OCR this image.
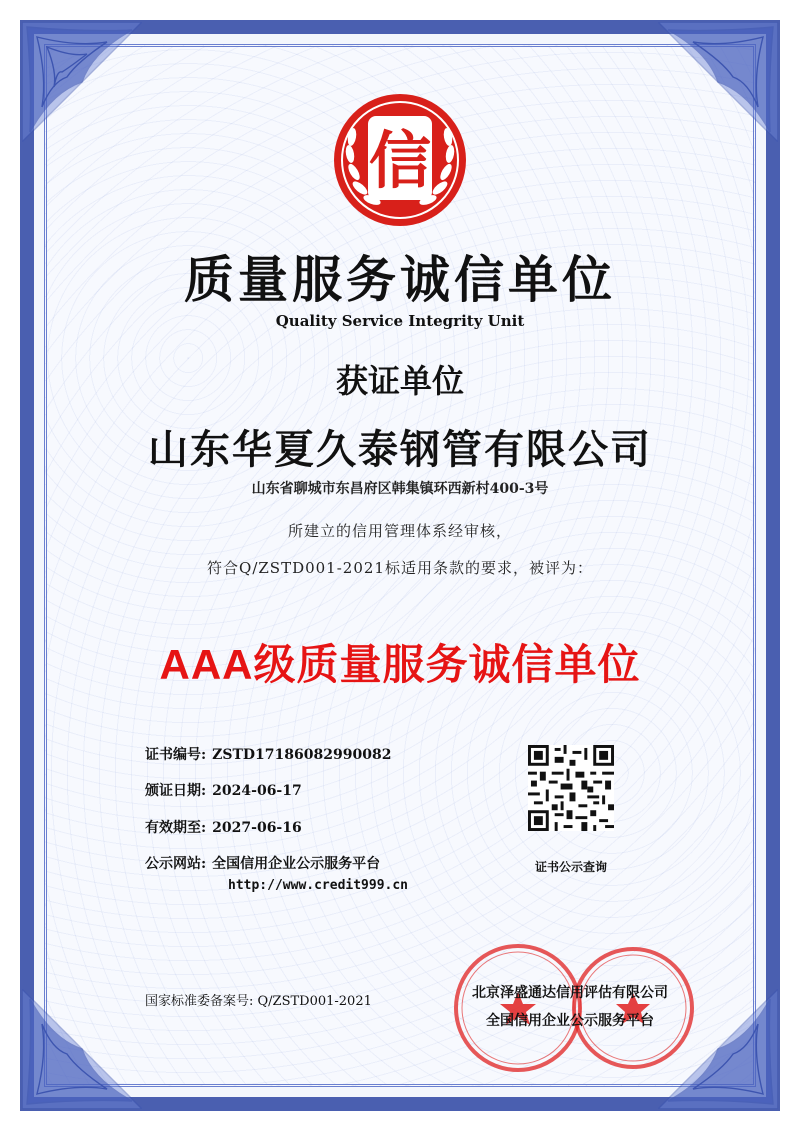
信
质量服务诚信单位
Quality Service Integrity Unit
获证单位
山东华夏久泰钢管有限公司
山东省聊城市东昌府区韩集镇环西新村400-3号
所建立的信用管理体系经审核，
符合Q/ZSTD001-2021标适用条款的要求，被评为：
AAA级质量服务诚信单位
证书编号: ZSTD17186082990082
颁证日期: 2024-06-17
有效期至: 2027-06-16
公示网站: 全国信用企业公示服务平台
http://www.credit999.cn
证书公示查询
国家标准委备案号: Q/ZSTD001-2021
北京泽盛通达信用评估有限公司
全国信用企业公示服务平台
